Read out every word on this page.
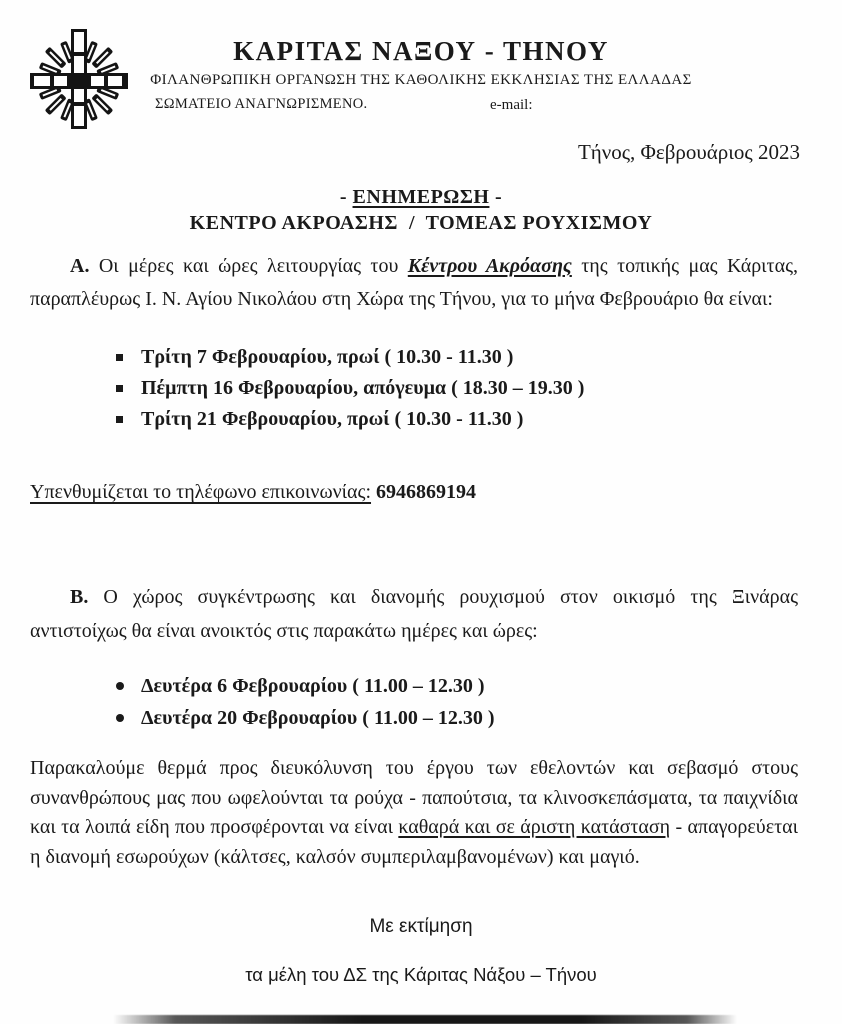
ΚΑΡΙΤΑΣ ΝΑΞΟΥ - ΤΗΝΟΥ
ΦΙΛΑΝΘΡΩΠΙΚΗ ΟΡΓΑΝΩΣΗ ΤΗΣ ΚΑΘΟΛΙΚΗΣ ΕΚΚΛΗΣΙΑΣ ΤΗΣ ΕΛΛΑΔΑΣ
ΣΩΜΑΤΕΙΟ ΑΝΑΓΝΩΡΙΣΜΕΝΟ.	e-mail:
Τήνος, Φεβρουάριος 2023
- ΕΝΗΜΕΡΩΣΗ -
ΚΕΝΤΡΟ ΑΚΡΟΑΣΗΣ  /  ΤΟΜΕΑΣ ΡΟΥΧΙΣΜΟΥ

Α. Οι μέρες και ώρες λειτουργίας του Κέντρου Ακρόασης της τοπικής μας Κάριτας, παραπλέυρως Ι. Ν. Αγίου Νικολάου στη Χώρα της Τήνου, για το μήνα Φεβρουάριο θα είναι:

Τρίτη 7 Φεβρουαρίου, πρωί ( 10.30 - 11.30 )
Πέμπτη 16 Φεβρουαρίου, απόγευμα ( 18.30 – 19.30 )
Τρίτη 21 Φεβρουαρίου, πρωί ( 10.30 - 11.30 )

Υπενθυμίζεται το τηλέφωνο επικοινωνίας: 6946869194

Β. Ο χώρος συγκέντρωσης και διανομής ρουχισμού στον οικισμό της Ξινάρας αντιστοίχως θα είναι ανοικτός στις παρακάτω ημέρες και ώρες:

Δευτέρα 6 Φεβρουαρίου ( 11.00 – 12.30 )
Δευτέρα 20 Φεβρουαρίου ( 11.00 – 12.30 )

Παρακαλούμε θερμά προς διευκόλυνση του έργου των εθελοντών και σεβασμό στους συνανθρώπους μας που ωφελούνται τα ρούχα - παπούτσια, τα κλινοσκεπάσματα, τα παιχνίδια και τα λοιπά είδη που προσφέρονται να είναι καθαρά και σε άριστη κατάσταση - απαγορεύεται η διανομή εσωρούχων (κάλτσες, καλσόν συμπεριλαμβανομένων) και μαγιό.

Με εκτίμηση
τα μέλη του ΔΣ της Κάριτας Νάξου – Τήνου
